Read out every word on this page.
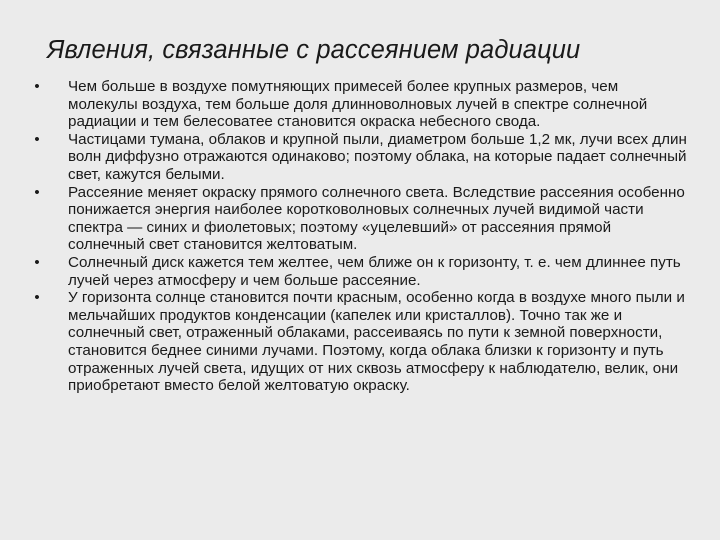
Явления, связанные с рассеянием радиации
• Чем больше в воздухе помутняющих примесей более крупных размеров, чем молекулы воздуха, тем больше доля длинноволновых лучей в спектре солнечной радиации и тем белесоватее становится окраска небесного свода.
• Частицами тумана, облаков и крупной пыли, диаметром больше 1,2 мк, лучи всех длин волн диффузно отражаются одинаково; поэтому облака, на которые падает солнечный свет, кажутся белыми.
• Рассеяние меняет окраску прямого солнечного света. Вследствие рассеяния особенно понижается энергия наиболее коротковолновых солнечных лучей видимой части спектра — синих и фиолетовых; поэтому «уцелевший» от рассеяния прямой солнечный свет становится желтоватым.
• Солнечный диск кажется тем желтее, чем ближе он к горизонту, т. е. чем длиннее путь лучей через атмосферу и чем больше рассеяние.
• У горизонта солнце становится почти красным, особенно когда в воздухе много пыли и мельчайших продуктов конденсации (капелек или кристаллов). Точно так же и солнечный свет, отраженный облаками, рассеиваясь по пути к земной поверхности, становится беднее синими лучами. Поэтому, когда облака близки к горизонту и путь отраженных лучей света, идущих от них сквозь атмосферу к наблюдателю, велик, они приобретают вместо белой желтоватую окраску.
